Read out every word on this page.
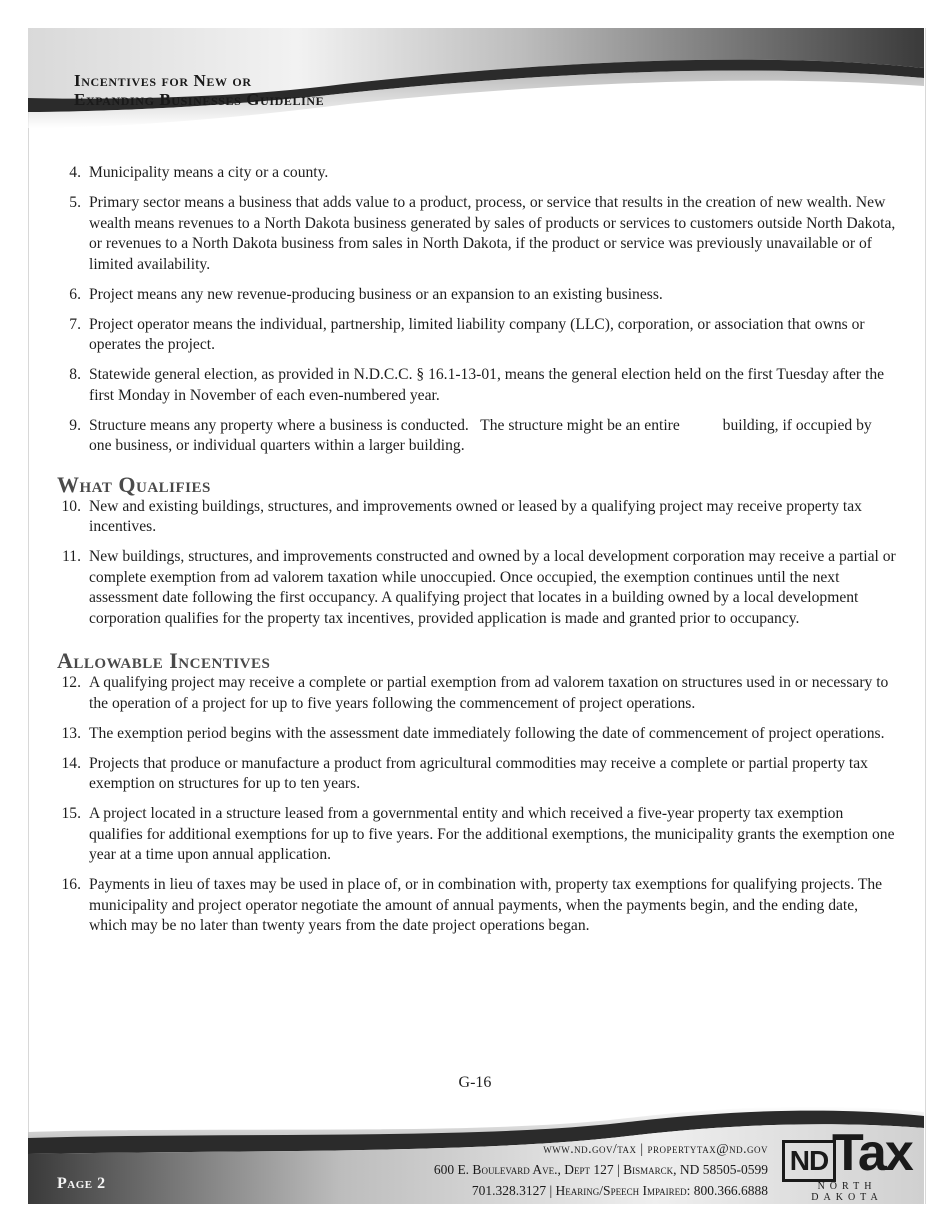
Incentives for New or
Expanding Businesses Guideline
4. Municipality means a city or a county.
5. Primary sector means a business that adds value to a product, process, or service that results in the creation of new wealth. New wealth means revenues to a North Dakota business generated by sales of products or services to customers outside North Dakota, or revenues to a North Dakota business from sales in North Dakota, if the product or service was previously unavailable or of limited availability.
6. Project means any new revenue-producing business or an expansion to an existing business.
7. Project operator means the individual, partnership, limited liability company (LLC), corporation, or association that owns or operates the project.
8. Statewide general election, as provided in N.D.C.C. § 16.1-13-01, means the general election held on the first Tuesday after the first Monday in November of each even-numbered year.
9. Structure means any property where a business is conducted.   The structure might be an entire           building, if occupied by one business, or individual quarters within a larger building.
What Qualifies
10. New and existing buildings, structures, and improvements owned or leased by a qualifying project may receive property tax incentives.
11. New buildings, structures, and improvements constructed and owned by a local development corporation may receive a partial or complete exemption from ad valorem taxation while unoccupied. Once occupied, the exemption continues until the next assessment date following the first occupancy. A qualifying project that locates in a building owned by a local development corporation qualifies for the property tax incentives, provided application is made and granted prior to occupancy.
Allowable Incentives
12. A qualifying project may receive a complete or partial exemption from ad valorem taxation on structures used in or necessary to the operation of a project for up to five years following the commencement of project operations.
13. The exemption period begins with the assessment date immediately following the date of commencement of project operations.
14. Projects that produce or manufacture a product from agricultural commodities may receive a complete or partial property tax exemption on structures for up to ten years.
15. A project located in a structure leased from a governmental entity and which received a five-year property tax exemption qualifies for additional exemptions for up to five years. For the additional exemptions, the municipality grants the exemption one year at a time upon annual application.
16. Payments in lieu of taxes may be used in place of, or in combination with, property tax exemptions for qualifying projects. The municipality and project operator negotiate the amount of annual payments, when the payments begin, and the ending date, which may be no later than twenty years from the date project operations began.
G-16
Page 2
www.nd.gov/tax | propertytax@nd.gov
600 E. Boulevard Ave., Dept 127 | Bismarck, ND 58505-0599
701.328.3127 | Hearing/Speech Impaired: 800.366.6888
ND Tax
NORTH DAKOTA
